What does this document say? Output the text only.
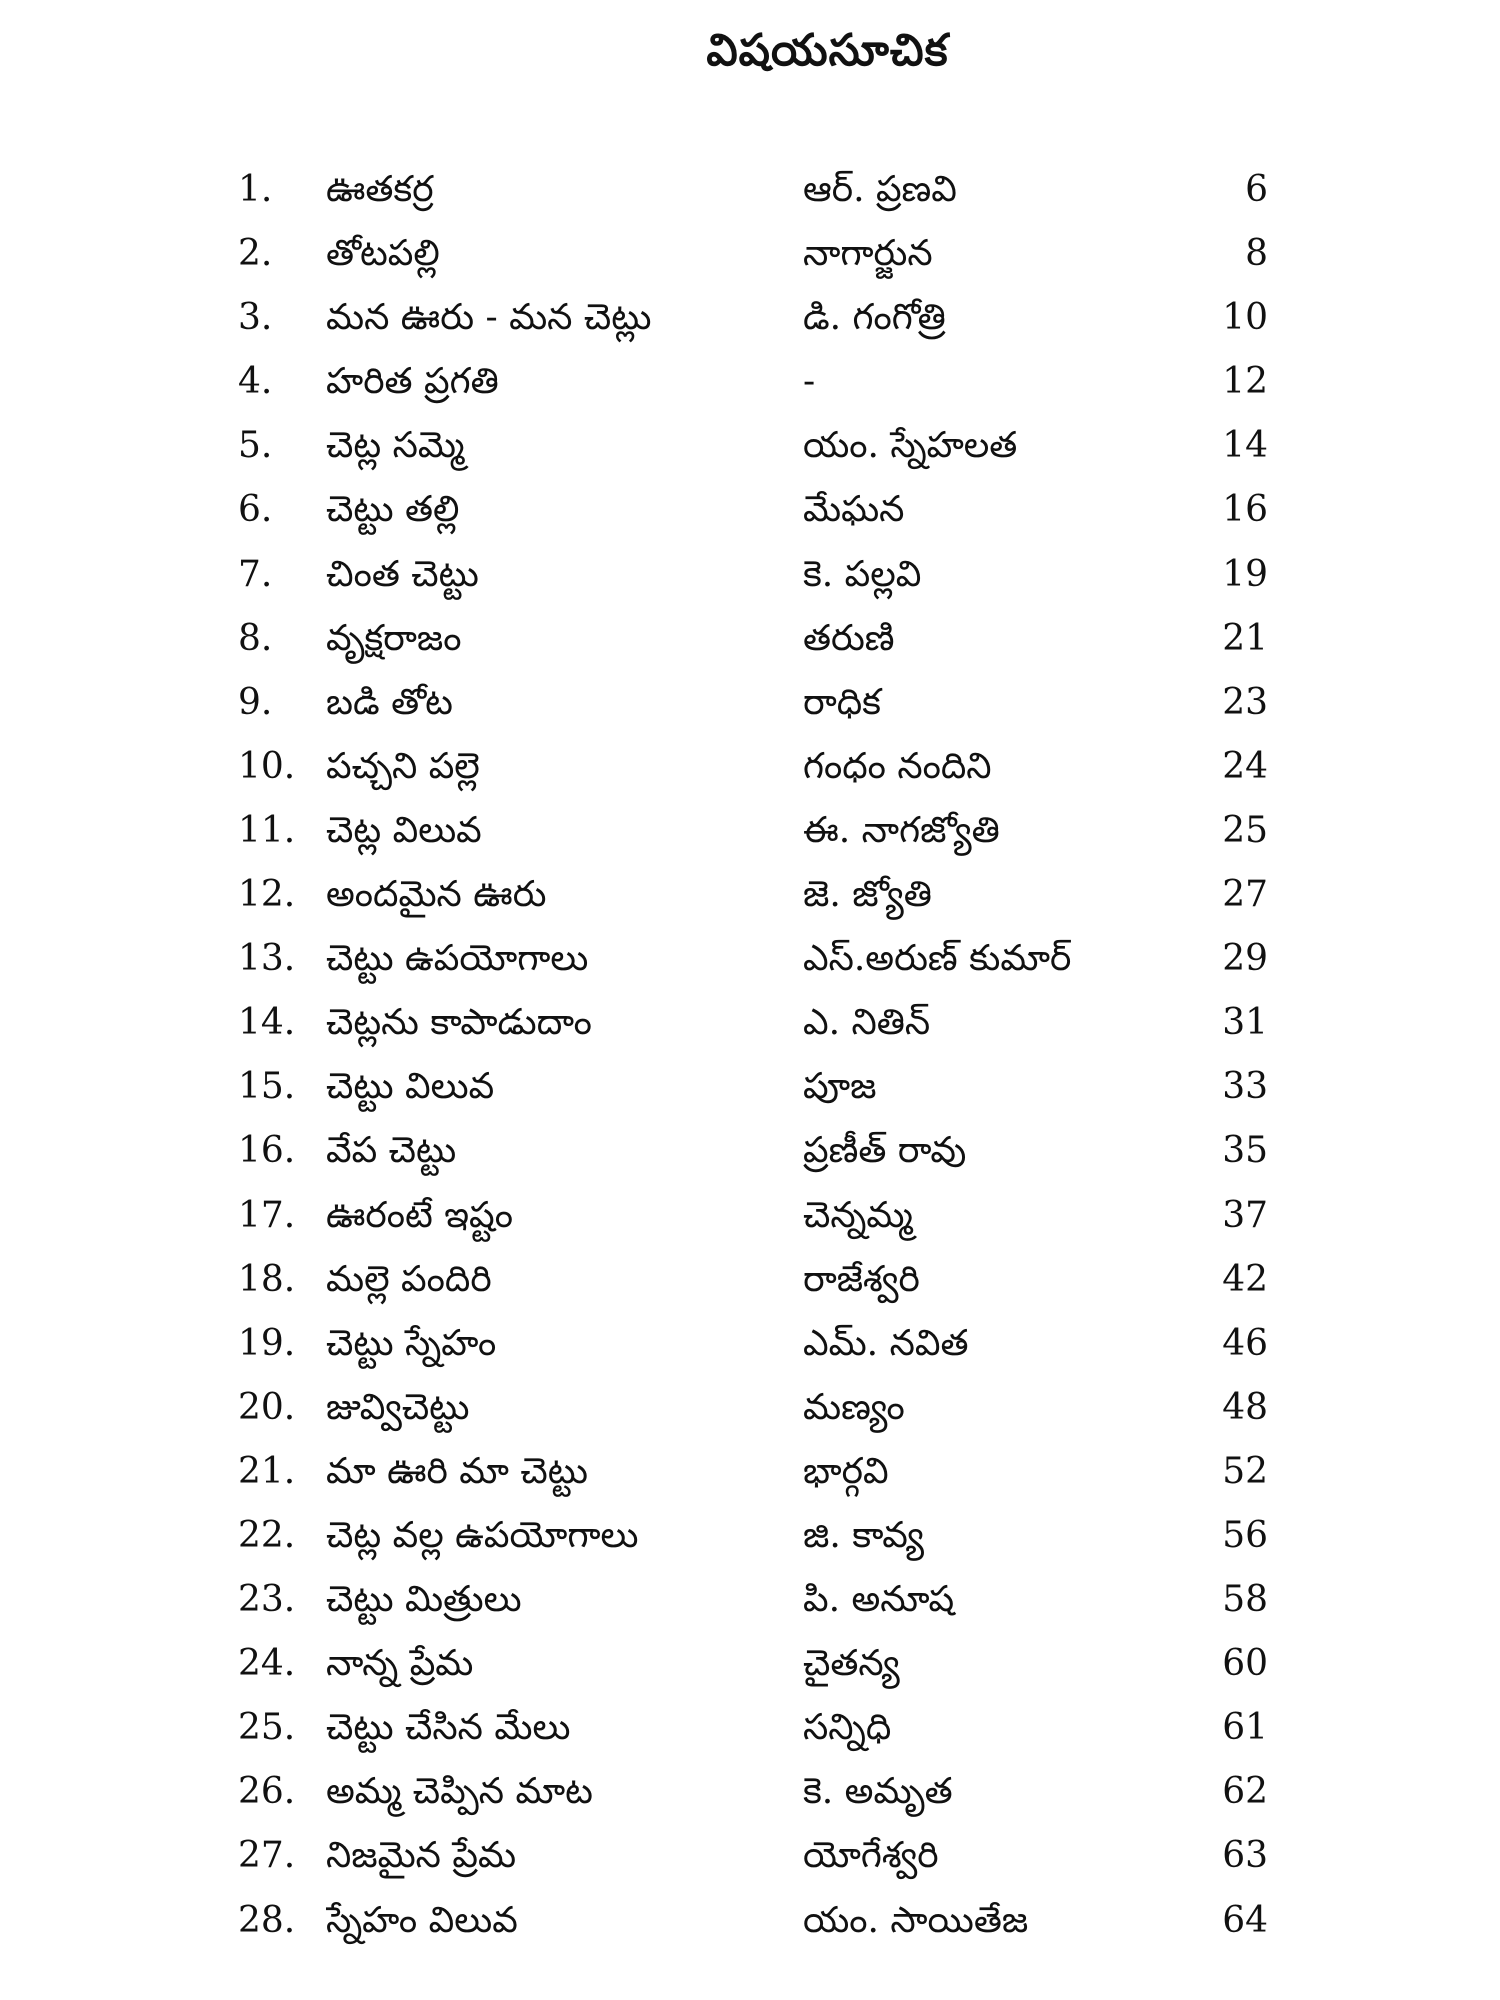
విషయసూచిక
1.	ఊతకర్ర	ఆర్. ప్రణవి	6
2.	తోటపల్లి	నాగార్జున	8
3.	మన ఊరు - మన చెట్లు	డి. గంగోత్రి	10
4.	హరిత ప్రగతి	-	12
5.	చెట్ల సమ్మె	యం. స్నేహలత	14
6.	చెట్టు తల్లి	మేఘన	16
7.	చింత చెట్టు	కె. పల్లవి	19
8.	వృక్షరాజం	తరుణి	21
9.	బడి తోట	రాధిక	23
10. పచ్చని పల్లె	గంధం నందిని	24
11. చెట్ల విలువ	ఈ. నాగజ్యోతి	25
12. అందమైన ఊరు	జె. జ్యోతి	27
13. చెట్టు ఉపయోగాలు	ఎస్.అరుణ్ కుమార్	29
14. చెట్లను కాపాడుదాం	ఎ. నితిన్	31
15. చెట్టు విలువ	పూజ	33
16. వేప చెట్టు	ప్రణీత్ రావు	35
17. ఊరంటే ఇష్టం	చెన్నమ్మ	37
18. మల్లె పందిరి	రాజేశ్వరి	42
19. చెట్టు స్నేహం	ఎమ్. నవిత	46
20. జువ్విచెట్టు	మణ్యం	48
21. మా ఊరి మా చెట్టు	భార్గవి	52
22. చెట్ల వల్ల ఉపయోగాలు	జి. కావ్య	56
23. చెట్టు మిత్రులు	పి. అనూష	58
24. నాన్న ప్రేమ	చైతన్య	60
25. చెట్టు చేసిన మేలు	సన్నిధి	61
26. అమ్మ చెప్పిన మాట	కె. అమృత	62
27. నిజమైన ప్రేమ	యోగేశ్వరి	63
28. స్నేహం విలువ	యం. సాయితేజ	64
